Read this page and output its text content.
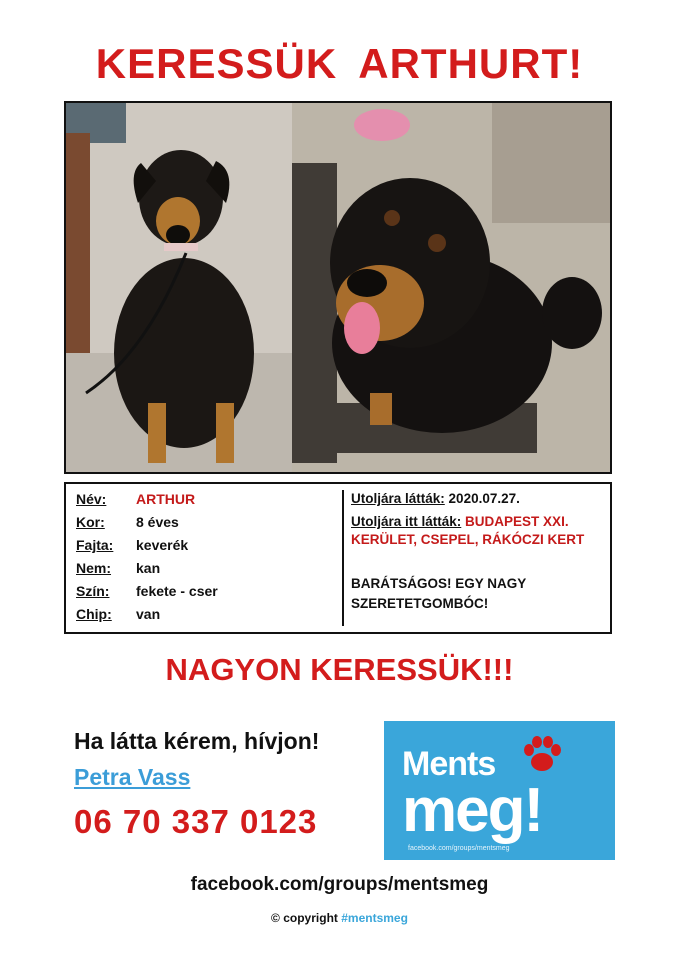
KERESSÜK ARTHURT!
Név: ARTHUR
Kor: 8 éves
Fajta: keverék
Nem: kan
Szín: fekete - cser
Chip: van
Utoljára látták: 2020.07.27.
Utoljára itt látták: BUDAPEST XXI.
KERÜLET, CSEPEL, RÁKÓCZI KERT
BARÁTSÁGOS! EGY NAGY
SZERETETGOMBÓC!
NAGYON KERESSÜK!!!
Ha látta kérem, hívjon!
Petra Vass
06 70 337 0123
Ments
meg!
facebook.com/groups/mentsmeg
facebook.com/groups/mentsmeg
© copyright #mentsmeg
